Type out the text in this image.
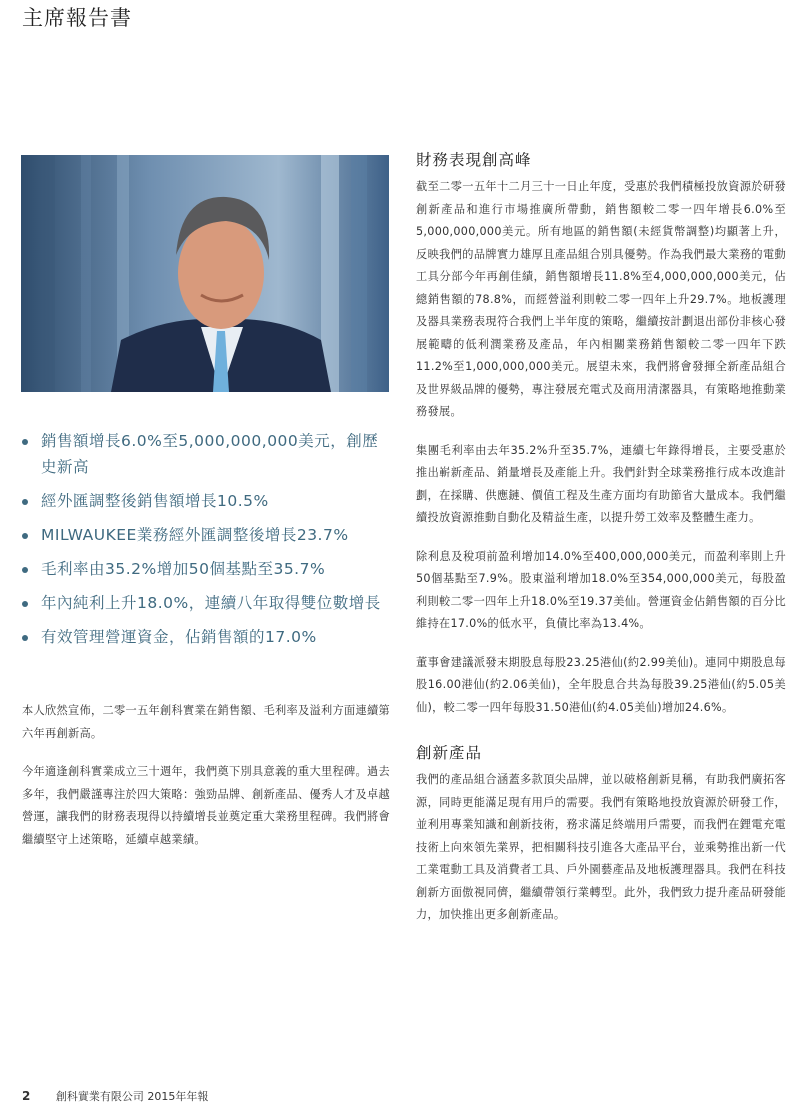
主席報告書
銷售額增長6.0%至5,000,000,000美元，創歷史新高
經外匯調整後銷售額增長10.5%
MILWAUKEE業務經外匯調整後增長23.7%
毛利率由35.2%增加50個基點至35.7%
年內純利上升18.0%，連續八年取得雙位數增長
有效管理營運資金，佔銷售額的17.0%

本人欣然宣佈，二零一五年創科實業在銷售額、毛利率及溢利方面連續第六年再創新高。

今年適逢創科實業成立三十週年，我們奠下別具意義的重大里程碑。過去多年，我們嚴謹專注於四大策略：強勁品牌、創新產品、優秀人才及卓越營運，讓我們的財務表現得以持續增長並奠定重大業務里程碑。我們將會繼續堅守上述策略，延續卓越業績。

財務表現創高峰

截至二零一五年十二月三十一日止年度，受惠於我們積極投放資源於研發創新產品和進行市場推廣所帶動，銷售額較二零一四年增長6.0%至5,000,000,000美元。所有地區的銷售額(未經貨幣調整)均顯著上升，反映我們的品牌實力雄厚且產品組合別具優勢。作為我們最大業務的電動工具分部今年再創佳績，銷售額增長11.8%至4,000,000,000美元，佔總銷售額的78.8%，而經營溢利則較二零一四年上升29.7%。地板護理及器具業務表現符合我們上半年度的策略，繼續按計劃退出部份非核心發展範疇的低利潤業務及產品，年內相關業務銷售額較二零一四年下跌11.2%至1,000,000,000美元。展望未來，我們將會發揮全新產品組合及世界級品牌的優勢，專注發展充電式及商用清潔器具，有策略地推動業務發展。

集團毛利率由去年35.2%升至35.7%，連續七年錄得增長，主要受惠於推出嶄新產品、銷量增長及產能上升。我們針對全球業務推行成本改進計劃，在採購、供應鏈、價值工程及生產方面均有助節省大量成本。我們繼續投放資源推動自動化及精益生產，以提升勞工效率及整體生產力。

除利息及稅項前盈利增加14.0%至400,000,000美元，而盈利率則上升50個基點至7.9%。股東溢利增加18.0%至354,000,000美元，每股盈利則較二零一四年上升18.0%至19.37美仙。營運資金佔銷售額的百分比維持在17.0%的低水平，負債比率為13.4%。

董事會建議派發末期股息每股23.25港仙(約2.99美仙)。連同中期股息每股16.00港仙(約2.06美仙)，全年股息合共為每股39.25港仙(約5.05美仙)，較二零一四年每股31.50港仙(約4.05美仙)增加24.6%。

創新產品

我們的產品組合涵蓋多款頂尖品牌，並以破格創新見稱，有助我們廣拓客源，同時更能滿足現有用戶的需要。我們有策略地投放資源於研發工作，並利用專業知識和創新技術，務求滿足終端用戶需要，而我們在鋰電充電技術上向來領先業界，把相關科技引進各大產品平台，並乘勢推出新一代工業電動工具及消費者工具、戶外園藝產品及地板護理器具。我們在科技創新方面傲視同儕，繼續帶領行業轉型。此外，我們致力提升產品研發能力，加快推出更多創新產品。

2 創科實業有限公司 2015年年報
